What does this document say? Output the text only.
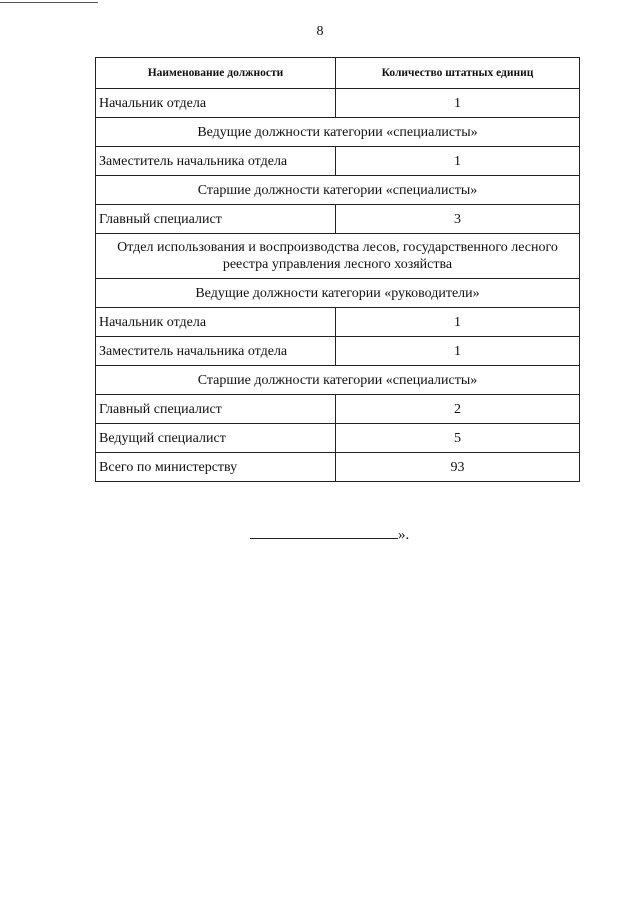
8
Наименование должности	Количество штатных единиц
Начальник отдела	1
Ведущие должности категории «специалисты»	
Заместитель начальника отдела	1
Старшие должности категории «специалисты»	
Главный специалист	3
Отдел использования и воспроизводства лесов, государственного лесного реестра управления лесного хозяйства	
Ведущие должности категории «руководители»	
Начальник отдела	1
Заместитель начальника отдела	1
Старшие должности категории «специалисты»	
Главный специалист	2
Ведущий специалист	5
Всего по министерству	93
».
